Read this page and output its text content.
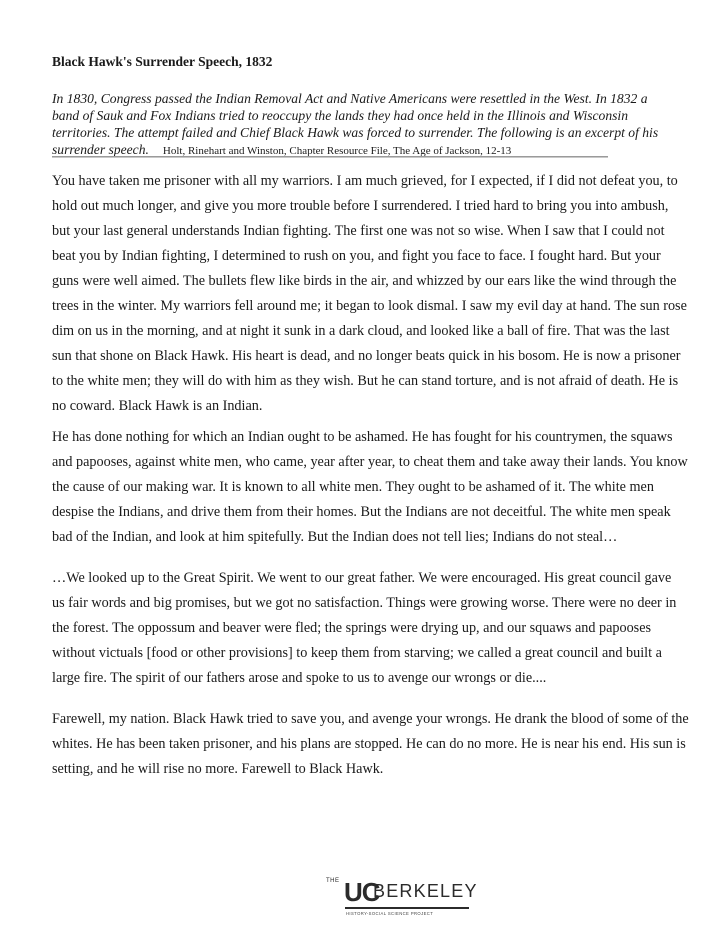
Black Hawk's Surrender Speech, 1832
In 1830, Congress passed the Indian Removal Act and Native Americans were resettled in the West. In 1832 a
band of Sauk and Fox Indians tried to reoccupy the lands they had once held in the Illinois and Wisconsin
territories. The attempt failed and Chief Black Hawk was forced to surrender. The following is an excerpt of his
surrender speech. Holt, Rinehart and Winston, Chapter Resource File, The Age of Jackson, 12-13
You have taken me prisoner with all my warriors. I am much grieved, for I expected, if I did not defeat you, to
hold out much longer, and give you more trouble before I surrendered. I tried hard to bring you into ambush,
but your last general understands Indian fighting. The first one was not so wise. When I saw that I could not
beat you by Indian fighting, I determined to rush on you, and fight you face to face. I fought hard. But your
guns were well aimed. The bullets flew like birds in the air, and whizzed by our ears like the wind through the
trees in the winter. My warriors fell around me; it began to look dismal. I saw my evil day at hand. The sun rose
dim on us in the morning, and at night it sunk in a dark cloud, and looked like a ball of fire. That was the last
sun that shone on Black Hawk. His heart is dead, and no longer beats quick in his bosom. He is now a prisoner
to the white men; they will do with him as they wish. But he can stand torture, and is not afraid of death. He is
no coward. Black Hawk is an Indian.
He has done nothing for which an Indian ought to be ashamed. He has fought for his countrymen, the squaws
and papooses, against white men, who came, year after year, to cheat them and take away their lands. You know
the cause of our making war. It is known to all white men. They ought to be ashamed of it. The white men
despise the Indians, and drive them from their homes. But the Indians are not deceitful. The white men speak
bad of the Indian, and look at him spitefully. But the Indian does not tell lies; Indians do not steal…
…We looked up to the Great Spirit. We went to our great father. We were encouraged. His great council gave
us fair words and big promises, but we got no satisfaction. Things were growing worse. There were no deer in
the forest. The oppossum and beaver were fled; the springs were drying up, and our squaws and papooses
without victuals [food or other provisions] to keep them from starving; we called a great council and built a
large fire. The spirit of our fathers arose and spoke to us to avenge our wrongs or die....
Farewell, my nation. Black Hawk tried to save you, and avenge your wrongs. He drank the blood of some of the
whites. He has been taken prisoner, and his plans are stopped. He can do no more. He is near his end. His sun is
setting, and he will rise no more. Farewell to Black Hawk.
THE UC
BERKELEY
HISTORY-SOCIAL SCIENCE PROJECT
